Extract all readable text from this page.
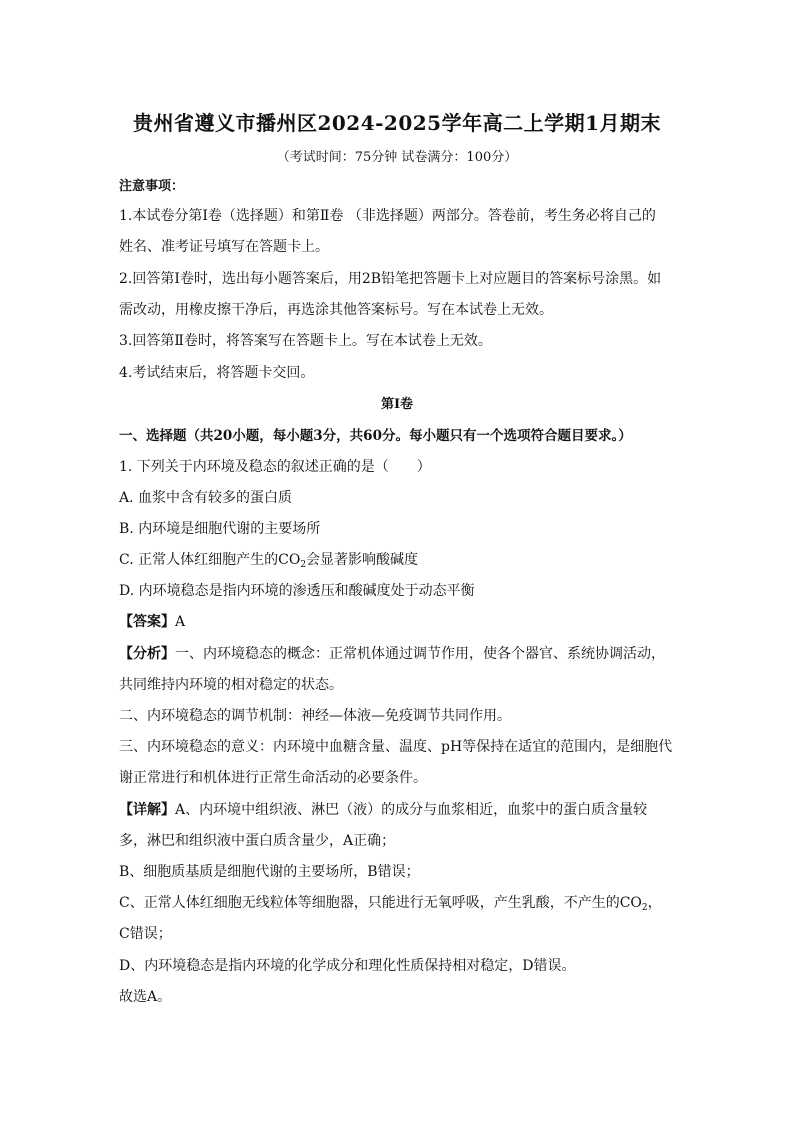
贵州省遵义市播州区2024-2025学年高二上学期1月期末
（考试时间：75分钟 试卷满分：100分）
注意事项：
1.本试卷分第Ⅰ卷（选择题）和第Ⅱ卷 （非选择题）两部分。答卷前，考生务必将自己的
姓名、准考证号填写在答题卡上。
2.回答第Ⅰ卷时，选出每小题答案后，用2B铅笔把答题卡上对应题目的答案标号涂黑。如
需改动，用橡皮擦干净后，再选涂其他答案标号。写在本试卷上无效。
3.回答第Ⅱ卷时，将答案写在答题卡上。写在本试卷上无效。
4.考试结束后，将答题卡交回。
第Ⅰ卷
一、选择题（共20小题，每小题3分，共60分。每小题只有一个选项符合题目要求。）
1. 下列关于内环境及稳态的叙述正确的是（　　）
A. 血浆中含有较多的蛋白质
B. 内环境是细胞代谢的主要场所
C. 正常人体红细胞产生的$CO_2$会显著影响酸碱度
D. 内环境稳态是指内环境的渗透压和酸碱度处于动态平衡
【答案】A
【分析】一、内环境稳态的概念：正常机体通过调节作用，使各个器官、系统协调活动，
共同维持内环境的相对稳定的状态。
二、内环境稳态的调节机制：神经—体液—免疫调节共同作用。
三、内环境稳态的意义：内环境中血糖含量、温度、pH等保持在适宜的范围内，是细胞代
谢正常进行和机体进行正常生命活动的必要条件。
【详解】A、内环境中组织液、淋巴（液）的成分与血浆相近，血浆中的蛋白质含量较
多，淋巴和组织液中蛋白质含量少，A正确；
B、细胞质基质是细胞代谢的主要场所，B错误；
C、正常人体红细胞无线粒体等细胞器，只能进行无氧呼吸，产生乳酸，不产生的$CO_2$，
C错误；
D、内环境稳态是指内环境的化学成分和理化性质保持相对稳定，D错误。
故选A。
